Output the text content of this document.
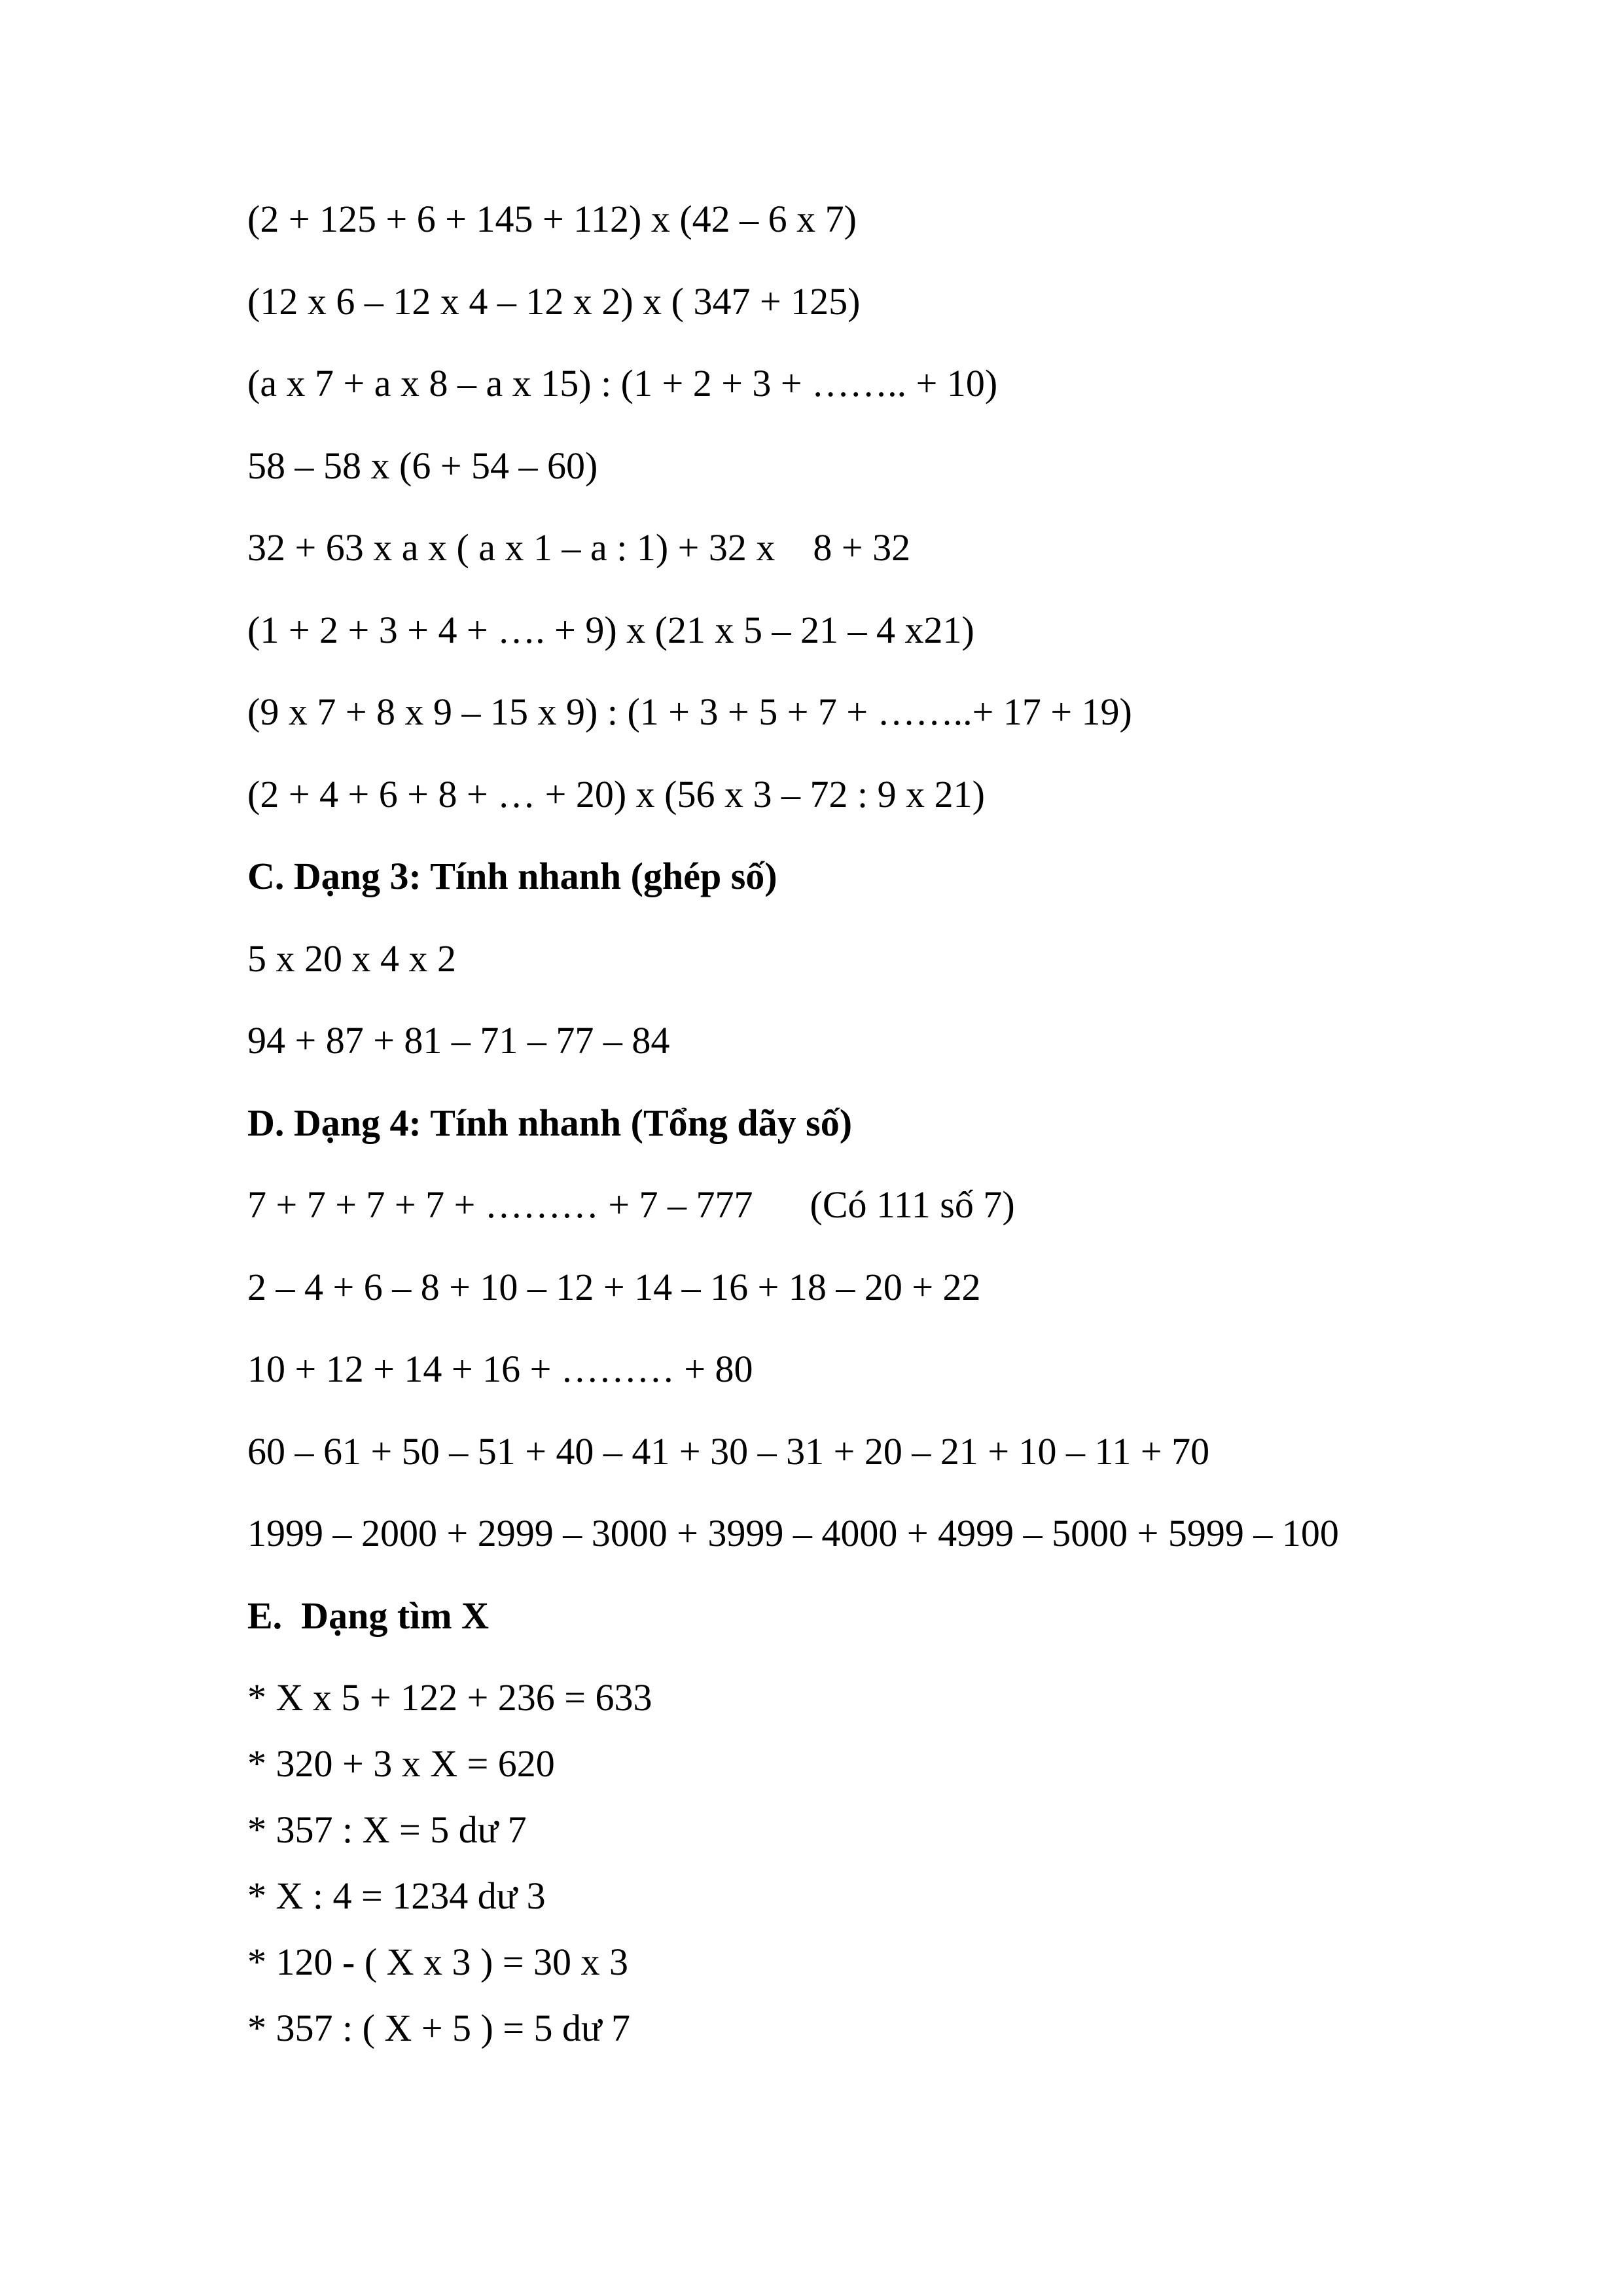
(2 + 125 + 6 + 145 + 112) x (42 – 6 x 7)

(12 x 6 – 12 x 4 – 12 x 2) x ( 347 + 125)

(a x 7 + a x 8 – a x 15) : (1 + 2 + 3 + …….. + 10)

58 – 58 x (6 + 54 – 60)

32 + 63 x a x ( a x 1 – a : 1) + 32 x    8 + 32

(1 + 2 + 3 + 4 + …. + 9) x (21 x 5 – 21 – 4 x21)

(9 x 7 + 8 x 9 – 15 x 9) : (1 + 3 + 5 + 7 + ……..+ 17 + 19)

(2 + 4 + 6 + 8 + … + 20) x (56 x 3 – 72 : 9 x 21)

C. Dạng 3: Tính nhanh (ghép số)

5 x 20 x 4 x 2

94 + 87 + 81 – 71 – 77 – 84

D. Dạng 4: Tính nhanh (Tổng dãy số)

7 + 7 + 7 + 7 + ……… + 7 – 777      (Có 111 số 7)

2 – 4 + 6 – 8 + 10 – 12 + 14 – 16 + 18 – 20 + 22

10 + 12 + 14 + 16 + ……… + 80

60 – 61 + 50 – 51 + 40 – 41 + 30 – 31 + 20 – 21 + 10 – 11 + 70

1999 – 2000 + 2999 – 3000 + 3999 – 4000 + 4999 – 5000 + 5999 – 100

E.  Dạng tìm X

* X x 5 + 122 + 236 = 633

* 320 + 3 x X = 620

* 357 : X = 5 dư 7

* X : 4 = 1234 dư 3

* 120 - ( X x 3 ) = 30 x 3

* 357 : ( X + 5 ) = 5 dư 7
